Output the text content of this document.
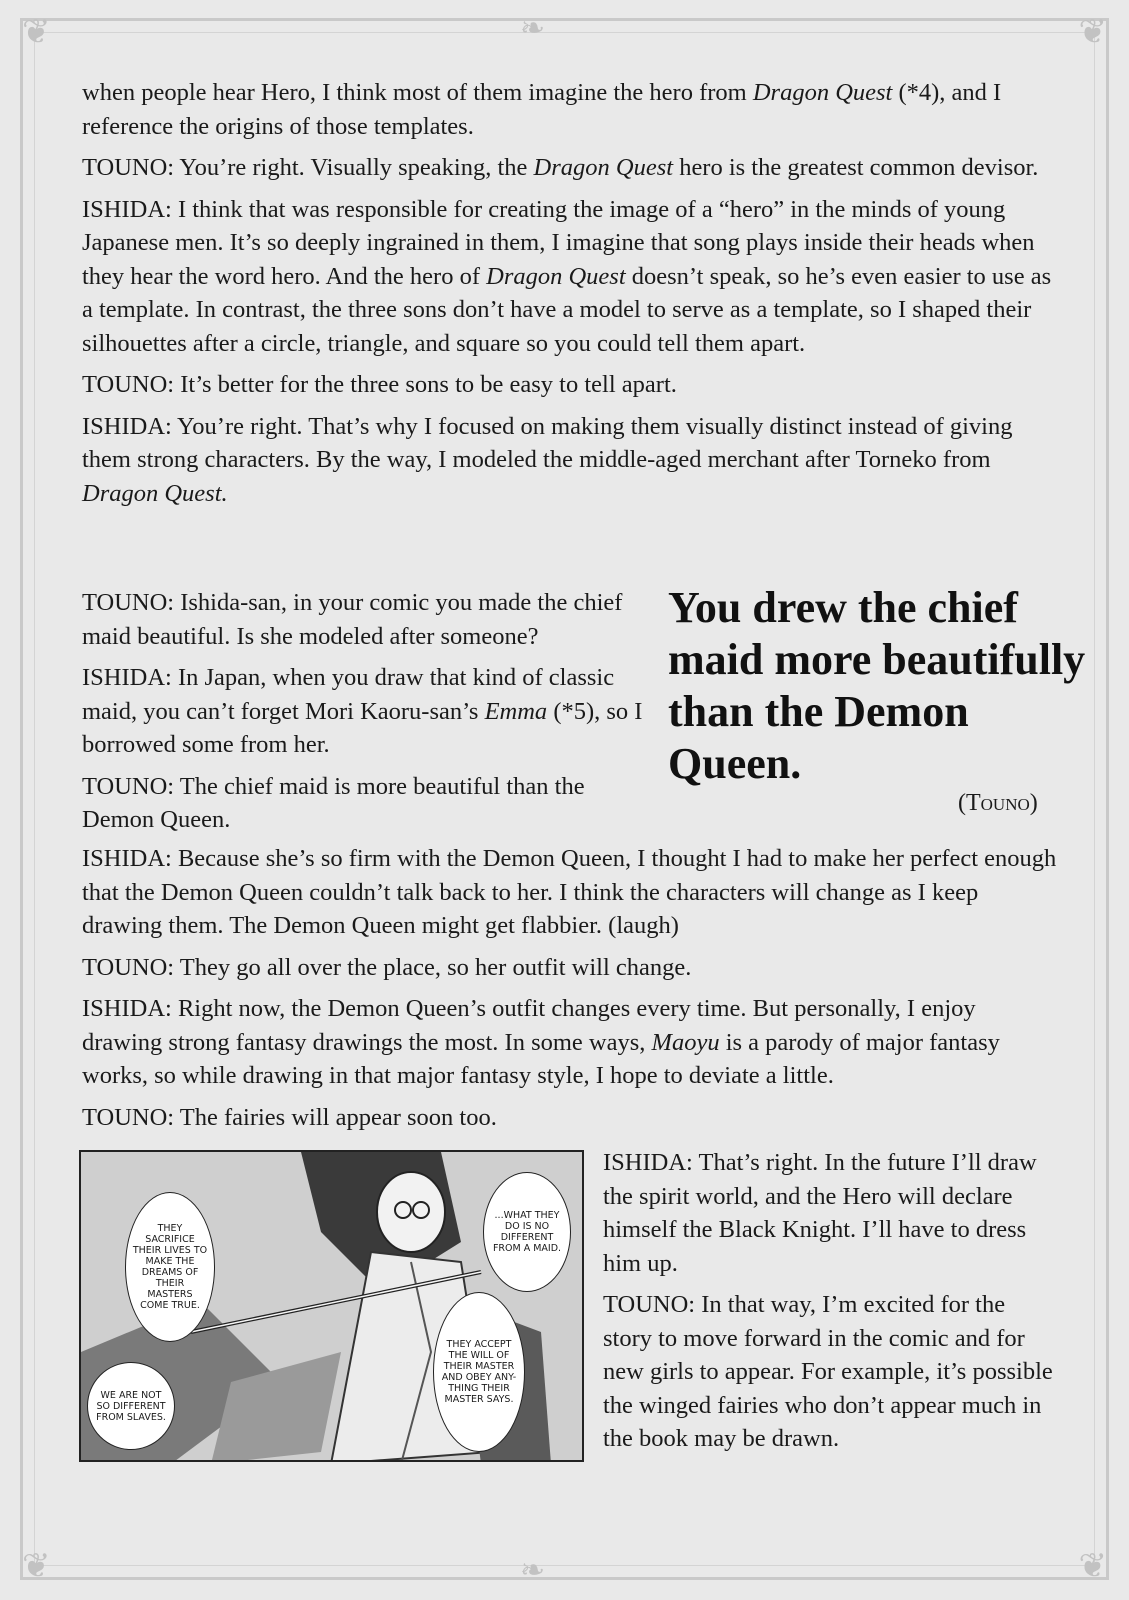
❦	❦
❦	❦
❧
❧

when people hear Hero, I think most of them imagine the hero from Dragon Quest (*4), and I reference the origins of those templates.

TOUNO: You’re right. Visually speaking, the Dragon Quest hero is the greatest common devisor.

ISHIDA: I think that was responsible for creating the image of a “hero” in the minds of young Japanese men. It’s so deeply ingrained in them, I imagine that song plays inside their heads when they hear the word hero. And the hero of Dragon Quest doesn’t speak, so he’s even easier to use as a template. In contrast, the three sons don’t have a model to serve as a template, so I shaped their silhouettes after a circle, triangle, and square so you could tell them apart.

TOUNO: It’s better for the three sons to be easy to tell apart.

ISHIDA: You’re right. That’s why I focused on making them visually distinct instead of giving them strong characters. By the way, I modeled the middle-aged merchant after Torneko from Dragon Quest.

TOUNO: Ishida-san, in your comic you made the chief maid beautiful. Is she modeled after someone?

ISHIDA: In Japan, when you draw that kind of classic maid, you can’t forget Mori Kaoru-san’s Emma (*5), so I borrowed some from her.

TOUNO: The chief maid is more beautiful than the Demon Queen.

You drew the chief maid more beautifully than the Demon Queen.
(Touno)

ISHIDA: Because she’s so firm with the Demon Queen, I thought I had to make her perfect enough that the Demon Queen couldn’t talk back to her. I think the characters will change as I keep drawing them. The Demon Queen might get flabbier. (laugh)

TOUNO: They go all over the place, so her outfit will change.

ISHIDA: Right now, the Demon Queen’s outfit changes every time. But personally, I enjoy drawing strong fantasy drawings the most. In some ways, Maoyu is a parody of major fantasy works, so while drawing in that major fantasy style, I hope to deviate a little.

TOUNO: The fairies will appear soon too.

THEY SACRIFICE THEIR LIVES TO MAKE THE DREAMS OF THEIR MASTERS COME TRUE.
WE ARE NOT SO DIFFERENT FROM SLAVES.
...WHAT THEY DO IS NO DIFFERENT FROM A MAID.
THEY ACCEPT THE WILL OF THEIR MASTER AND OBEY ANY-THING THEIR MASTER SAYS.

ISHIDA: That’s right. In the future I’ll draw the spirit world, and the Hero will declare himself the Black Knight. I’ll have to dress him up.

TOUNO: In that way, I’m excited for the story to move forward in the comic and for new girls to appear. For example, it’s possible the winged fairies who don’t appear much in the book may be drawn.
